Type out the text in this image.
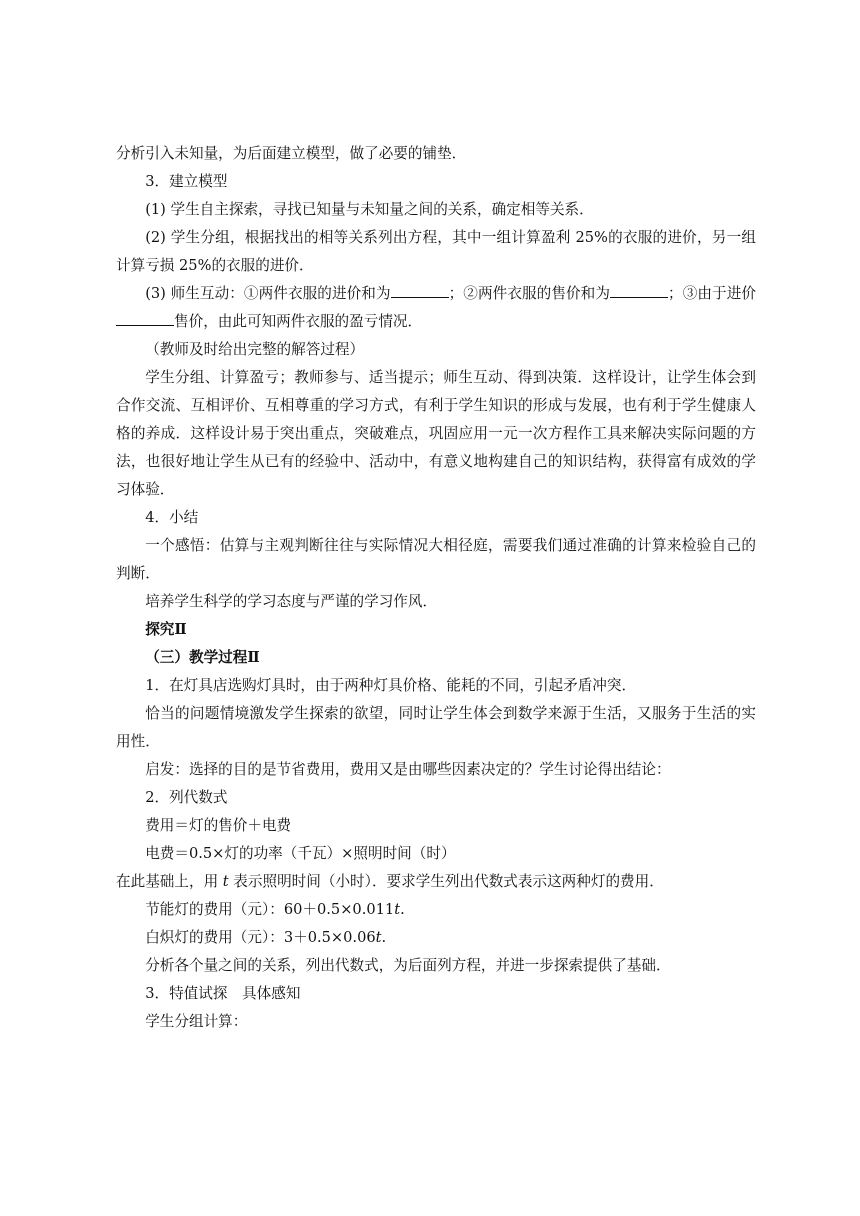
分析引入未知量，为后面建立模型，做了必要的铺垫．

3．建立模型

(1) 学生自主探索，寻找已知量与未知量之间的关系，确定相等关系．

(2) 学生分组，根据找出的相等关系列出方程，其中一组计算盈利 25%的衣服的进价，另一组计算亏损 25%的衣服的进价．

(3) 师生互动：①两件衣服的进价和为	；②两件衣服的售价和为	；③由于进价售价，由此可知两件衣服的盈亏情况．

（教师及时给出完整的解答过程）

学生分组、计算盈亏；教师参与、适当提示；师生互动、得到决策．这样设计，让学生体会到合作交流、互相评价、互相尊重的学习方式，有利于学生知识的形成与发展，也有利于学生健康人格的养成．这样设计易于突出重点，突破难点，巩固应用一元一次方程作工具来解决实际问题的方法，也很好地让学生从已有的经验中、活动中，有意义地构建自己的知识结构，获得富有成效的学习体验．

4．小结

一个感悟：估算与主观判断往往与实际情况大相径庭，需要我们通过准确的计算来检验自己的判断．

培养学生科学的学习态度与严谨的学习作风．

探究Ⅱ

（三）教学过程Ⅱ

1．在灯具店选购灯具时，由于两种灯具价格、能耗的不同，引起矛盾冲突．

恰当的问题情境激发学生探索的欲望，同时让学生体会到数学来源于生活，又服务于生活的实用性．

启发：选择的目的是节省费用，费用又是由哪些因素决定的？学生讨论得出结论：

2．列代数式

费用＝灯的售价＋电费

电费＝0.5×灯的功率（千瓦）×照明时间（时）

在此基础上，用 t 表示照明时间（小时）．要求学生列出代数式表示这两种灯的费用．

节能灯的费用（元）：60＋0.5×0.011t.

白炽灯的费用（元）：3＋0.5×0.06t.

分析各个量之间的关系，列出代数式，为后面列方程，并进一步探索提供了基础．

3．特值试探　具体感知

学生分组计算：
